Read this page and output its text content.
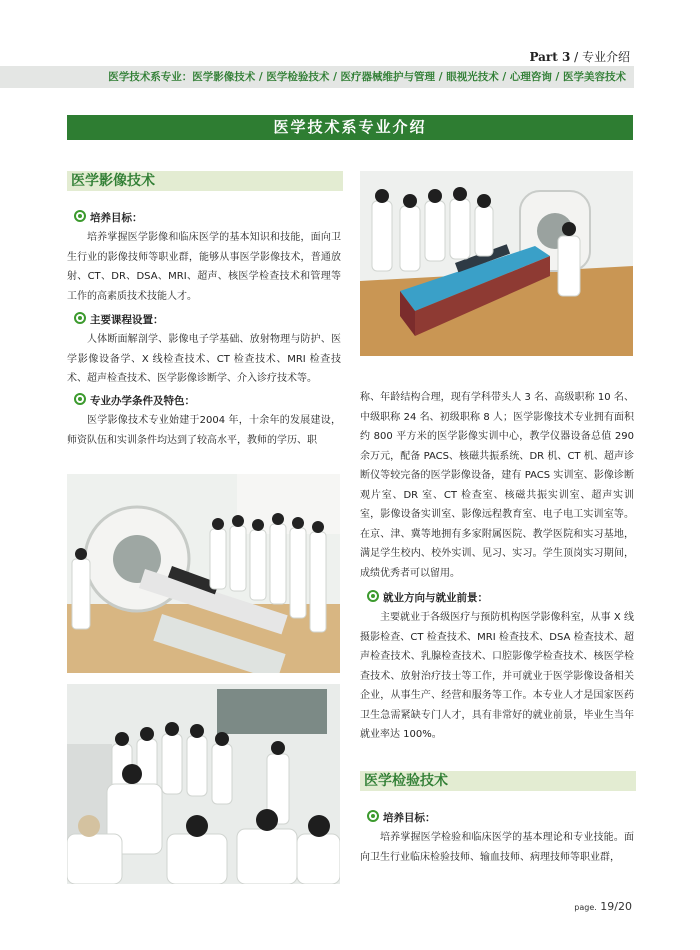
Part 3 / 专业介绍
医学技术系专业：医学影像技术 / 医学检验技术 / 医疗器械维护与管理 / 眼视光技术 / 心理咨询 / 医学美容技术
医学技术系专业介绍
医学影像技术
培养目标：
培养掌握医学影像和临床医学的基本知识和技能，面向卫生行业的影像技师等职业群，能够从事医学影像技术，普通放射、CT、DR、DSA、MRI、超声、核医学检查技术和管理等工作的高素质技术技能人才。
主要课程设置：
人体断面解剖学、影像电子学基础、放射物理与防护、医学影像设备学、X 线检查技术、CT 检查技术、MRI 检查技术、超声检查技术、医学影像诊断学、介入诊疗技术等。
专业办学条件及特色：
医学影像技术专业始建于2004 年，十余年的发展建设，师资队伍和实训条件均达到了较高水平，教师的学历、职
称、年龄结构合理，现有学科带头人 3 名、高级职称 10 名、中级职称 24 名、初级职称 8 人；医学影像技术专业拥有面积约 800 平方米的医学影像实训中心，教学仪器设备总值 290 余万元，配备 PACS、核磁共振系统、DR 机、CT 机、超声诊断仪等较完备的医学影像设备，建有 PACS 实训室、影像诊断观片室、DR 室、CT 检查室、核磁共振实训室、超声实训室，影像设备实训室、影像远程教育室、电子电工实训室等。在京、津、冀等地拥有多家附属医院、教学医院和实习基地，满足学生校内、校外实训、见习、实习。学生顶岗实习期间，成绩优秀者可以留用。
就业方向与就业前景：
主要就业于各级医疗与预防机构医学影像科室，从事 X 线摄影检查、CT 检查技术、MRI 检查技术、DSA 检查技术、超声检查技术、乳腺检查技术、口腔影像学检查技术、核医学检查技术、放射治疗技士等工作，并可就业于医学影像设备相关企业，从事生产、经营和服务等工作。本专业人才是国家医药卫生急需紧缺专门人才，具有非常好的就业前景，毕业生当年就业率达 100%。
医学检验技术
培养目标：
培养掌握医学检验和临床医学的基本理论和专业技能。面向卫生行业临床检验技师、输血技师、病理技师等职业群，
page. 19/20
